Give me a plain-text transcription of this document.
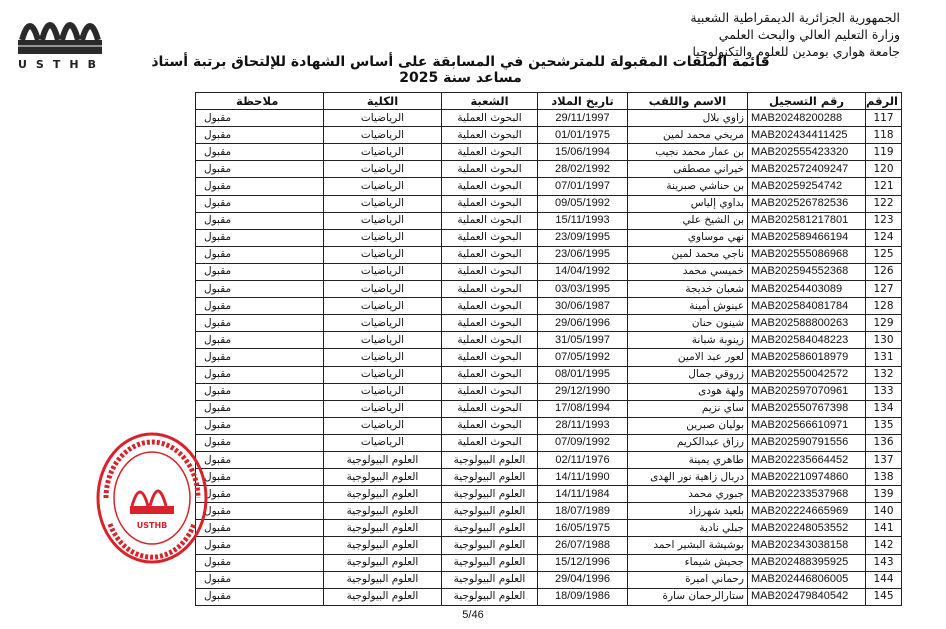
USTHB
الجمهورية الجزائرية الديمقراطية الشعبية
وزارة التعليم العالي والبحث العلمي
جامعة هواري بومدين للعلوم والتكنولوجيا
قائمة الملفات المقبولة للمترشحين في المسابقة على أساس الشهادة للإلتحاق برتبة أستاذ مساعد سنة 2025
الرقم	رقم التسجيل	الاسم واللقب	تاريخ الملاد	الشعبة	الكلية	ملاحظة
117	MAB20248200288	زاوي بلال	29/11/1997	البحوث العملية	الرياضيات	مقبول
118	MAB202434411425	مريخي محمد لمين	01/01/1975	البحوث العملية	الرياضيات	مقبول
119	MAB202555423320	بن عمار محمد نجيب	15/06/1994	البحوث العملية	الرياضيات	مقبول
120	MAB202572409247	خيراني مصطفى	28/02/1992	البحوث العملية	الرياضيات	مقبول
121	MAB20259254742	بن حناشي صبرينة	07/01/1997	البحوث العملية	الرياضيات	مقبول
122	MAB202526782536	بداوي إلياس	09/05/1992	البحوث العملية	الرياضيات	مقبول
123	MAB202581217801	بن الشيخ علي	15/11/1993	البحوث العملية	الرياضيات	مقبول
124	MAB202589466194	نهي موساوي	23/09/1995	البحوث العملية	الرياضيات	مقبول
125	MAB202555086968	ناجي محمد لمين	23/06/1995	البحوث العملية	الرياضيات	مقبول
126	MAB202594552368	خميسي محمد	14/04/1992	البحوث العملية	الرياضيات	مقبول
127	MAB20254403089	شعبان خديجة	03/03/1995	البحوث العملية	الرياضيات	مقبول
128	MAB202584081784	عينوش أمينة	30/06/1987	البحوث العملية	الرياضيات	مقبول
129	MAB202588800263	شينون حنان	29/06/1996	البحوث العملية	الرياضيات	مقبول
130	MAB202584048223	زينوبة شبانة	31/05/1997	البحوث العملية	الرياضيات	مقبول
131	MAB202586018979	لعور عبد الامين	07/05/1992	البحوث العملية	الرياضيات	مقبول
132	MAB202550042572	زروقي جمال	08/01/1995	البحوث العملية	الرياضيات	مقبول
133	MAB202597070961	ولهة هودى	29/12/1990	البحوث العملية	الرياضيات	مقبول
134	MAB202550767398	ساي نزيم	17/08/1994	البحوث العملية	الرياضيات	مقبول
135	MAB202566610971	بوليان صبرين	28/11/1993	البحوث العملية	الرياضيات	مقبول
136	MAB202590791556	رزاق عبدالكريم	07/09/1992	البحوث العملية	الرياضيات	مقبول
137	MAB202235664452	طاهري يمينة	02/11/1976	العلوم البيولوجية	العلوم البيولوجية	مقبول
138	MAB202210974860	دربال زاهية نور الهدى	14/11/1990	العلوم البيولوجية	العلوم البيولوجية	مقبول
139	MAB202233537968	جبوري محمد	14/11/1984	العلوم البيولوجية	العلوم البيولوجية	مقبول
140	MAB202224665969	بلعيد شهرزاد	18/07/1989	العلوم البيولوجية	العلوم البيولوجية	مقبول
141	MAB202248053552	جبلي نادية	16/05/1975	العلوم البيولوجية	العلوم البيولوجية	مقبول
142	MAB202343038158	بوشيشة البشير احمد	26/07/1988	العلوم البيولوجية	العلوم البيولوجية	مقبول
143	MAB202488395925	جحيش شيماء	15/12/1996	العلوم البيولوجية	العلوم البيولوجية	مقبول
144	MAB202446806005	رحماني اميرة	29/04/1996	العلوم البيولوجية	العلوم البيولوجية	مقبول
145	MAB202479840542	ستارالرحمان سارة	18/09/1986	العلوم البيولوجية	العلوم البيولوجية	مقبول
USTHB
5/46
